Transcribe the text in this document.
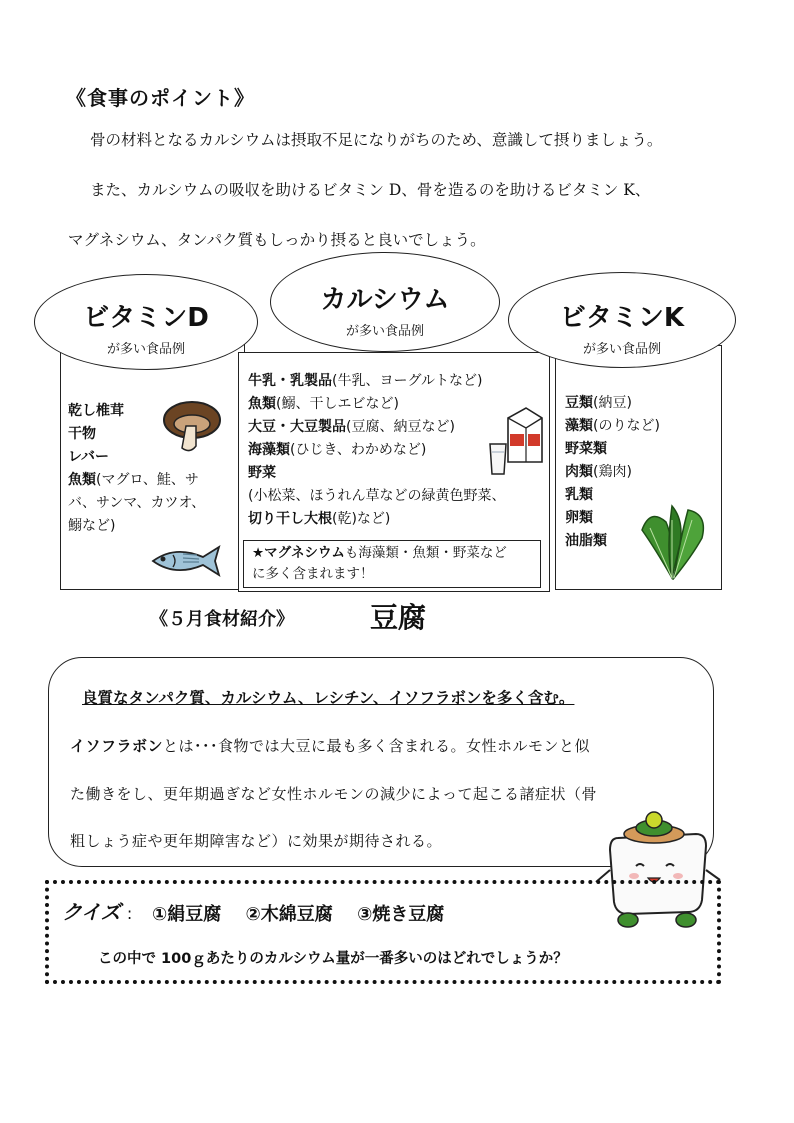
《食事のポイント》
骨の材料となるカルシウムは摂取不足になりがちのため、意識して摂りましょう。
また、カルシウムの吸収を助けるビタミン D、骨を造るのを助けるビタミン K、
マグネシウム、タンパク質もしっかり摂ると良いでしょう。
ビタミンD
が多い食品例
乾し椎茸
干物
レバー
魚類(マグロ、鮭、サ
バ、サンマ、カツオ、
鰯など)
カルシウム
が多い食品例
牛乳・乳製品(牛乳、ヨーグルトなど)
魚類(鰯、干しエビなど)
大豆・大豆製品(豆腐、納豆など)
海藻類(ひじき、わかめなど)
野菜
(小松菜、ほうれん草などの緑黄色野菜、
切り干し大根(乾)など)
★マグネシウムも海藻類・魚類・野菜など
に多く含まれます！
ビタミンK
が多い食品例
豆類(納豆)
藻類(のりなど)
野菜類
肉類(鶏肉)
乳類
卵類
油脂類
《５月食材紹介》	豆腐
良質なタンパク質、カルシウム、レシチン、イソフラボンを多く含む。
イソフラボンとは･･･食物では大豆に最も多く含まれる。女性ホルモンと似
た働きをし、更年期過ぎなど女性ホルモンの減少によって起こる諸症状（骨
粗しょう症や更年期障害など）に効果が期待される。
クイズ : ①絹豆腐 ②木綿豆腐 ③焼き豆腐
この中で 100ｇあたりのカルシウム量が一番多いのはどれでしょうか？
